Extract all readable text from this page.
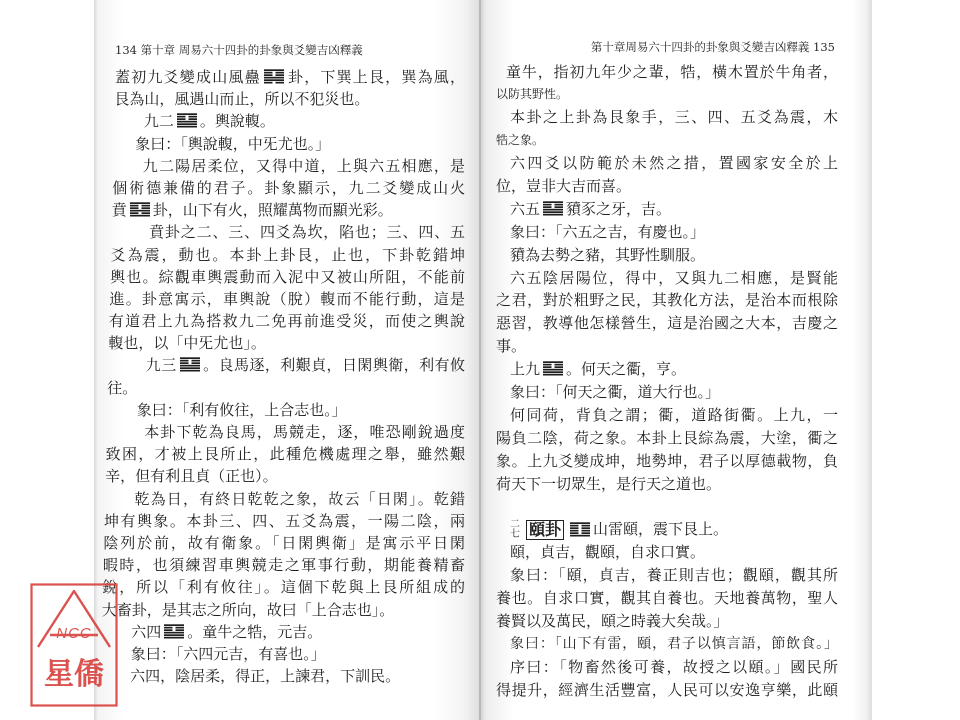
134 第十章 周易六十四卦的卦象與爻變吉凶釋義	第十章周易六十四卦的卦象與爻變吉凶釋義 135
蓋初九爻變成山風蠱 卦，下巽上艮，巽為風，
艮為山，風遇山而止，所以不犯災也。
九二 。輿說輹。
象曰：「輿說輹，中旡尤也。」
九二陽居柔位，又得中道，上與六五相應，是
個術德兼備的君子。卦象顯示，九二爻變成山火
賁 卦，山下有火，照耀萬物而顯光彩。
賁卦之二、三、四爻為坎，陷也；三、四、五
爻為震，動也。本卦上卦艮，止也，下卦乾錯坤
輿也。綜觀車輿震動而入泥中又被山所阻，不能前
進。卦意寓示，車輿說（脫）輹而不能行動，這是
有道君上九為搭救九二免再前進受災，而使之輿說
輹也，以「中旡尤也」。
九三 。良馬逐，利艱貞，日閑輿衛，利有攸
往。
象曰：「利有攸往，上合志也。」
本卦下乾為良馬，馬競走，逐，唯恐剛銳過度
致困，才被上艮所止，此種危機處理之舉，雖然艱
辛，但有利且貞（正也）。
乾為日，有終日乾乾之象，故云「日閑」。乾錯
坤有輿象。本卦三、四、五爻為震，一陽二陰，兩
陰列於前，故有衛象。「日閑輿衛」是寓示平日閑
暇時，也須練習車輿競走之軍事行動，期能養精畜
銳，所以「利有攸往」。這個下乾與上艮所組成的
大畜卦，是其志之所向，故曰「上合志也」。
六四 。童牛之牿，元吉。
象曰：「六四元吉，有喜也。」
六四，陰居柔，得正，上諫君，下訓民。
童牛，指初九年少之輩，牿，橫木置於牛角者，
以防其野性。
本卦之上卦為艮象手，三、四、五爻為震，木
牿之象。
六四爻以防範於未然之措，置國家安全於上
位，豈非大吉而喜。
六五 豶豕之牙，吉。
象曰：「六五之吉，有慶也。」
豶為去勢之豬，其野性馴服。
六五陰居陽位，得中，又與九二相應，是賢能
之君，對於粗野之民，其教化方法，是治本而根除
惡習，教導他怎樣營生，這是治國之大本，吉慶之
事。
上九 。何天之衢，亨。
象曰：「何天之衢，道大行也。」
何同荷，背負之謂；衢，道路街衢。上九，一
陽負二陰，荷之象。本卦上艮綜為震，大塗，衢之
象。上九爻變成坤，地勢坤，君子以厚德載物，負
荷天下一切眾生，是行天之道也。
二
七 頤卦 山雷頤，震下艮上。
頤，貞吉，觀頤，自求口實。
象曰：「頤，貞吉，養正則吉也；觀頤，觀其所
養也。自求口實，觀其自養也。天地養萬物，聖人
養賢以及萬民，頤之時義大矣哉。」
象曰：「山下有雷，頤，君子以慎言語，節飲食。」
序曰：「物畜然後可養，故授之以頤。」國民所
得提升，經濟生活豐富，人民可以安逸亨樂，此頤
NCC
星僑
